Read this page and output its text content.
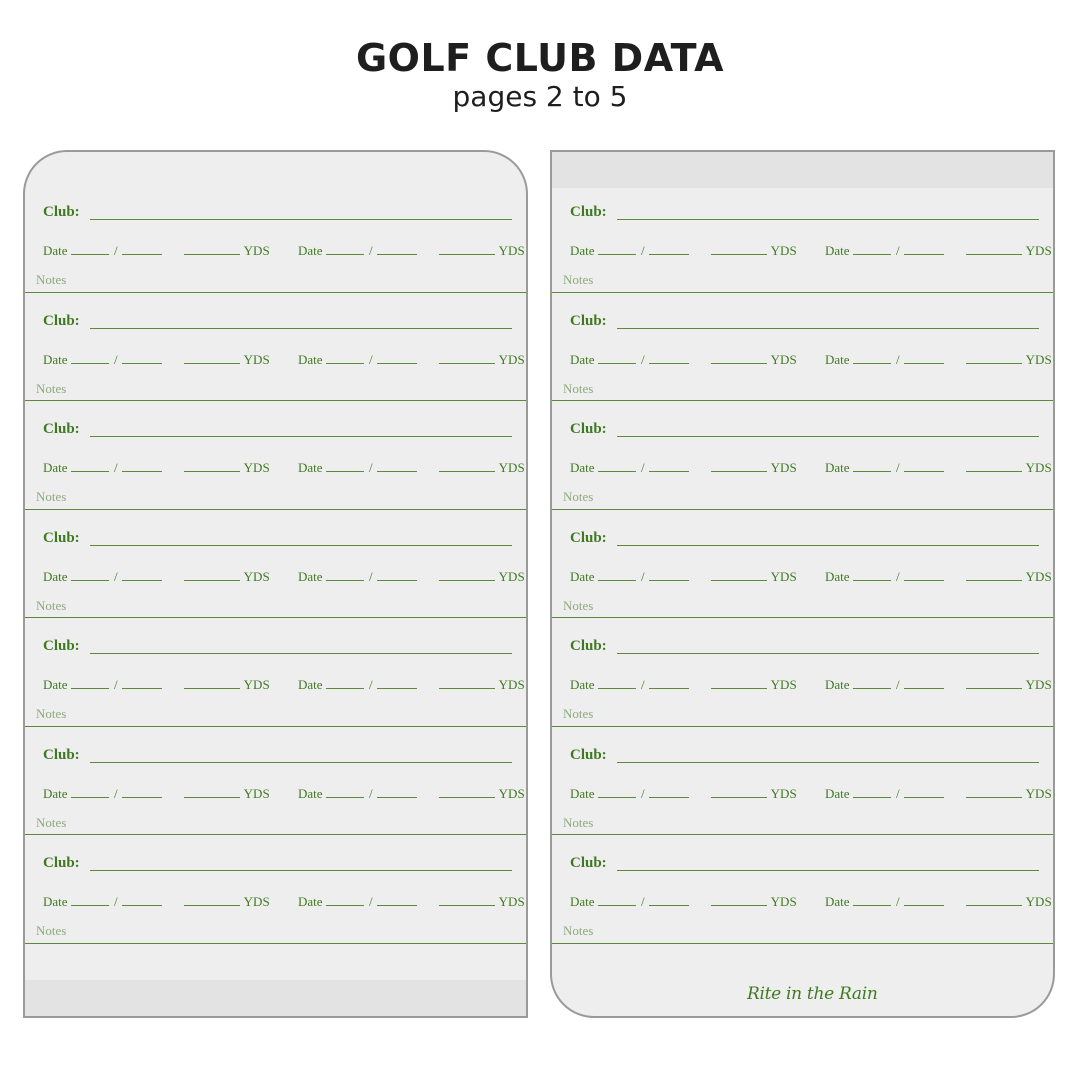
GOLF CLUB DATA
pages 2 to 5
Club:
Date	/	YDS Date	/	YDS
Notes
Club:
Date	/	YDS Date	/	YDS
Notes
Club:
Date	/	YDS Date	/	YDS
Notes
Club:
Date	/	YDS Date	/	YDS
Notes
Club:
Date	/	YDS Date	/	YDS
Notes
Club:
Date	/	YDS Date	/	YDS
Notes
Club:
Date	/	YDS Date	/	YDS
Notes
Club:
Date	/	YDS Date	/	YDS
Notes
Club:
Date	/	YDS Date	/	YDS
Notes
Club:
Date	/	YDS Date	/	YDS
Notes
Club:
Date	/	YDS Date	/	YDS
Notes
Club:
Date	/	YDS Date	/	YDS
Notes
Club:
Date	/	YDS Date	/	YDS
Notes
Club:
Date	/	YDS Date	/	YDS
Notes
Rite in the Rain
